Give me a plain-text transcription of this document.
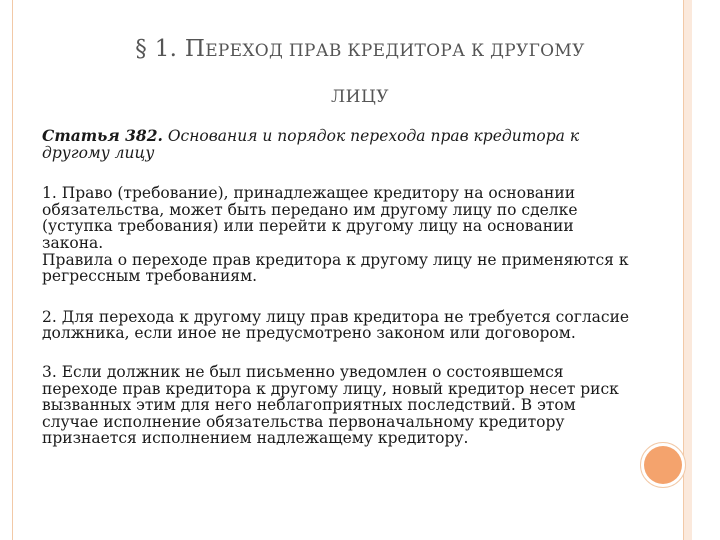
§ 1. ПЕРЕХОД ПРАВ КРЕДИТОРА К ДРУГОМУ
ЛИЦУ

Статья 382. Основания и порядок перехода прав кредитора к другому лицу

1. Право (требование), принадлежащее кредитору на основании обязательства, может быть передано им другому лицу по сделке (уступка требования) или перейти к другому лицу на основании закона.

Правила о переходе прав кредитора к другому лицу не применяются к регрессным требованиям.

2. Для перехода к другому лицу прав кредитора не требуется согласие должника, если иное не предусмотрено законом или договором.

3. Если должник не был письменно уведомлен о состоявшемся переходе прав кредитора к другому лицу, новый кредитор несет риск вызванных этим для него неблагоприятных последствий. В этом случае исполнение обязательства первоначальному кредитору признается исполнением надлежащему кредитору.
